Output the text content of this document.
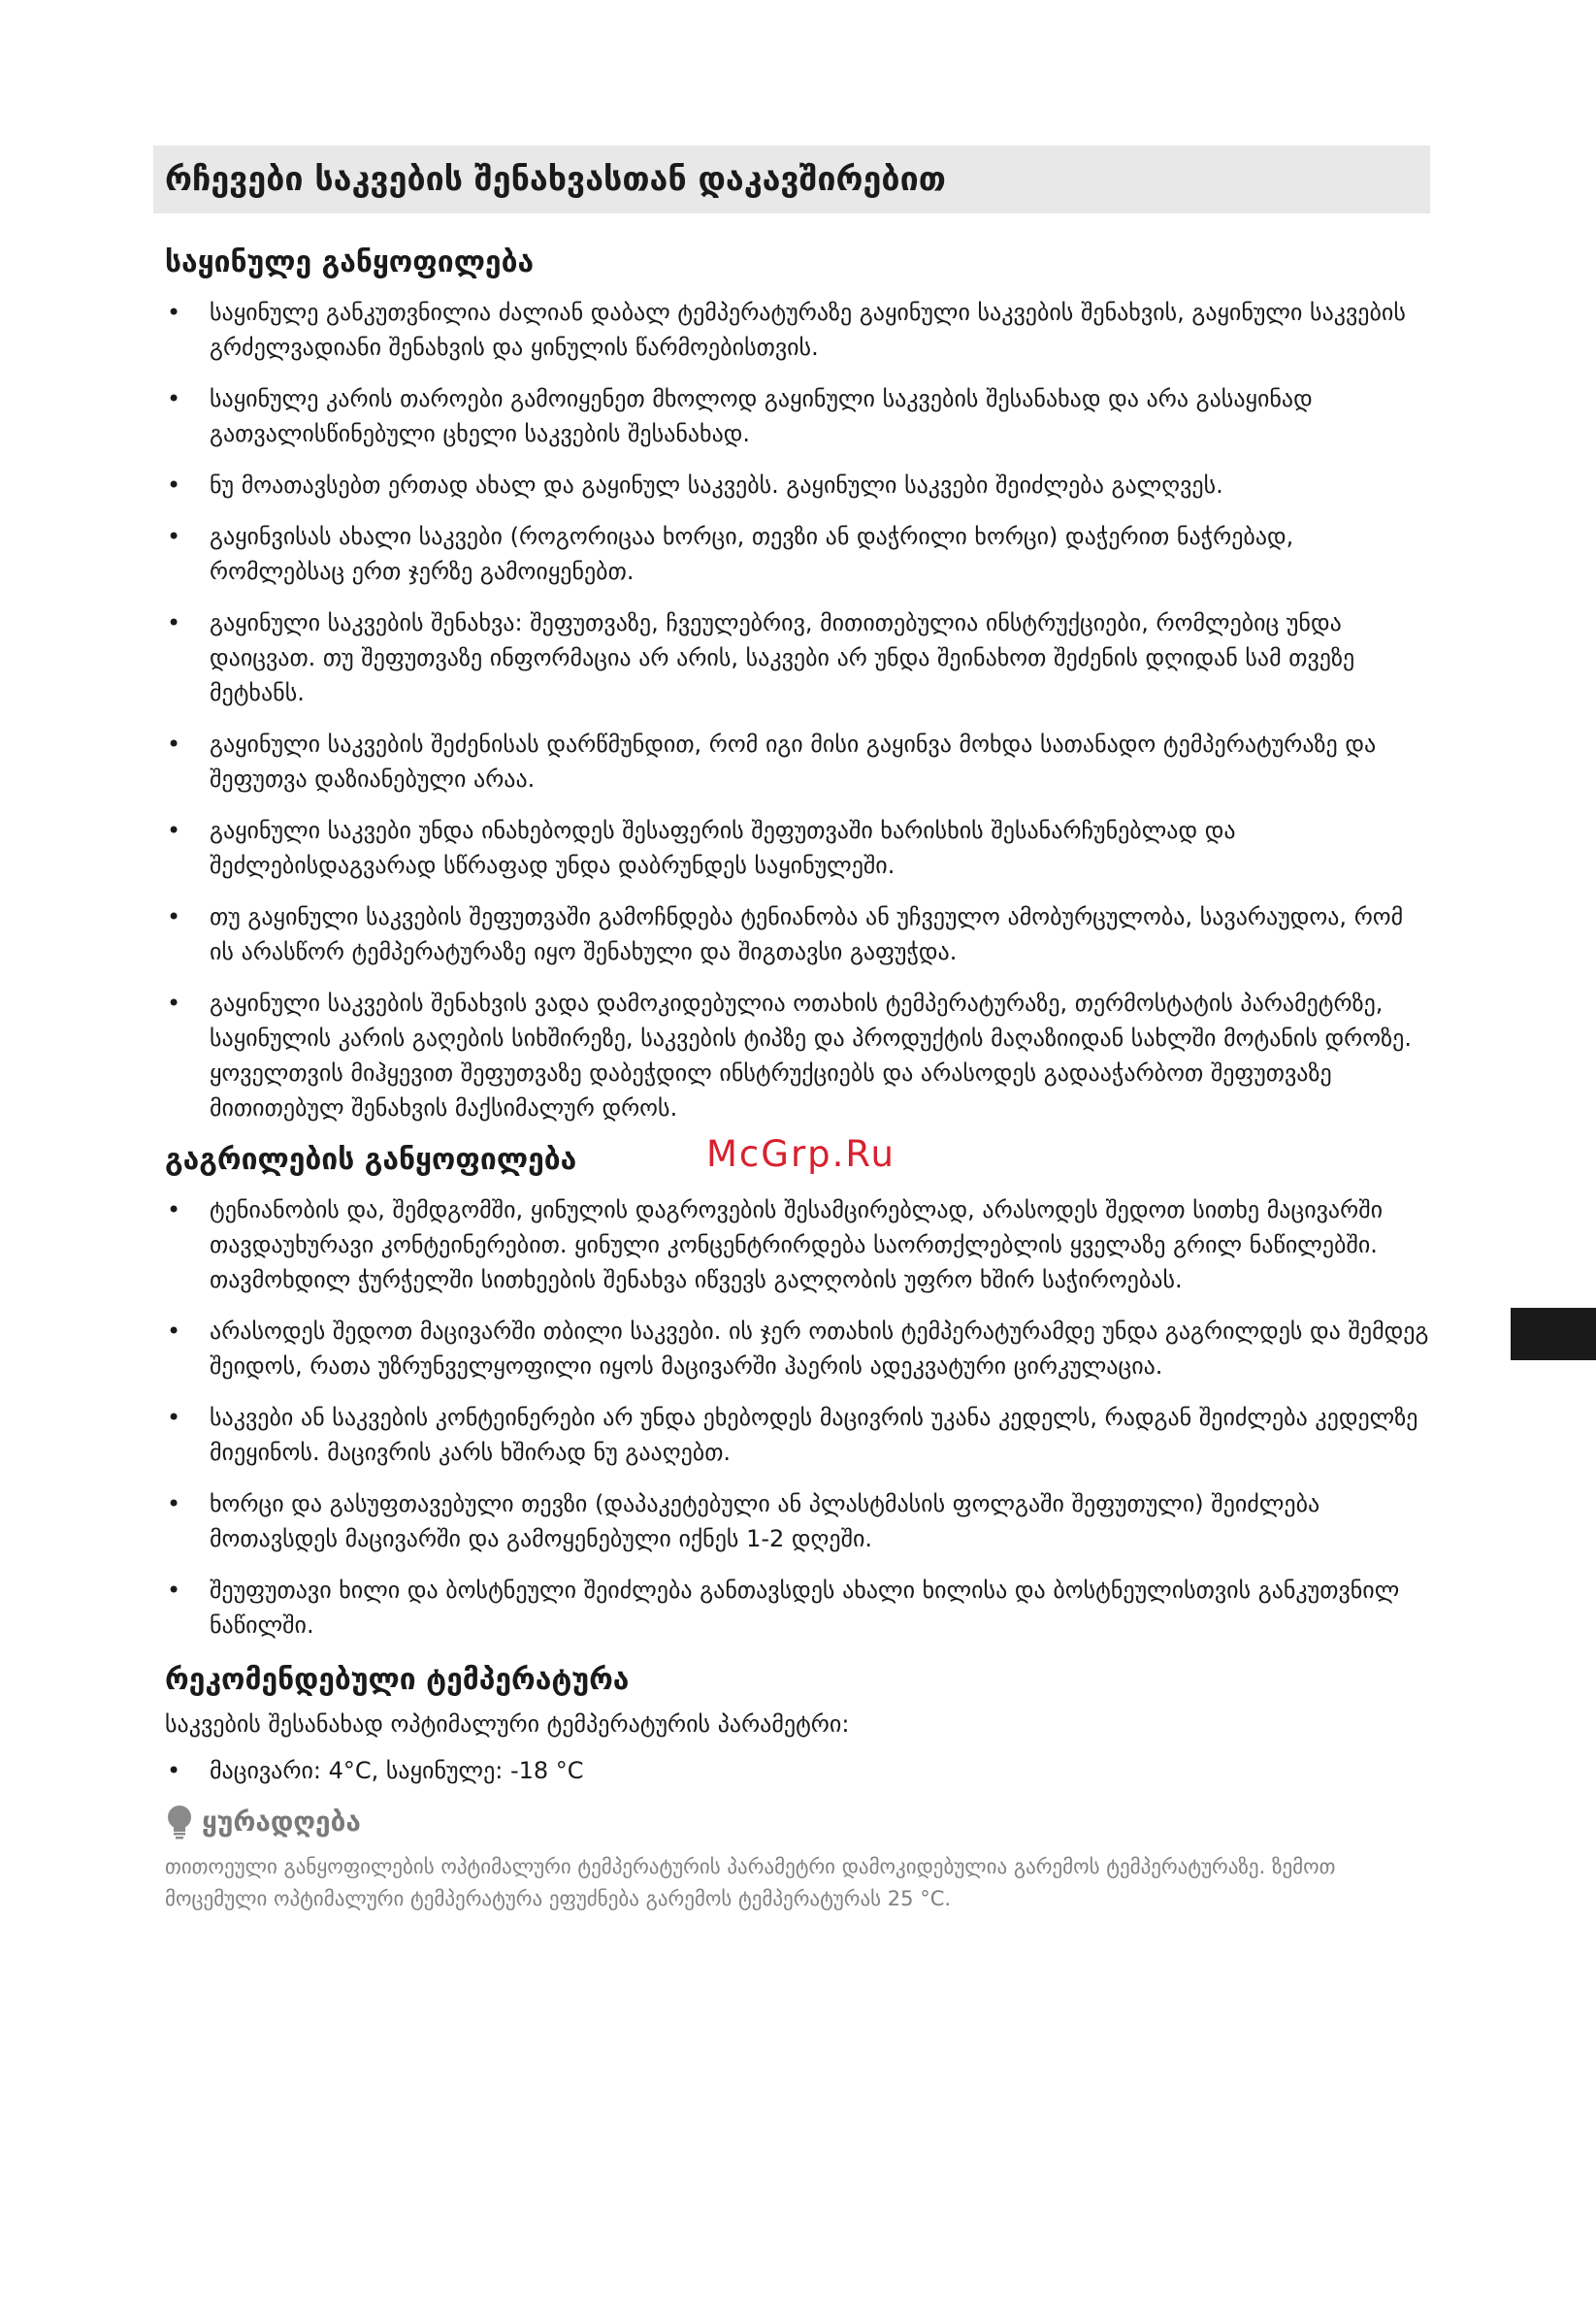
რჩევები საკვების შენახვასთან დაკავშირებით
საყინულე განყოფილება
• საყინულე განკუთვნილია ძალიან დაბალ ტემპერატურაზე გაყინული საკვების შენახვის, გაყინული საკვების გრძელვადიანი შენახვის და ყინულის წარმოებისთვის.
• საყინულე კარის თაროები გამოიყენეთ მხოლოდ გაყინული საკვების შესანახად და არა გასაყინად გათვალისწინებული ცხელი საკვების შესანახად.
• ნუ მოათავსებთ ერთად ახალ და გაყინულ საკვებს. გაყინული საკვები შეიძლება გალღვეს.
• გაყინვისას ახალი საკვები (როგორიცაა ხორცი, თევზი ან დაჭრილი ხორცი) დაჭერით ნაჭრებად, რომლებსაც ერთ ჯერზე გამოიყენებთ.
• გაყინული საკვების შენახვა: შეფუთვაზე, ჩვეულებრივ, მითითებულია ინსტრუქციები, რომლებიც უნდა დაიცვათ. თუ შეფუთვაზე ინფორმაცია არ არის, საკვები არ უნდა შეინახოთ შეძენის დღიდან სამ თვეზე მეტხანს.
• გაყინული საკვების შეძენისას დარწმუნდით, რომ იგი მისი გაყინვა მოხდა სათანადო ტემპერატურაზე და შეფუთვა დაზიანებული არაა.
• გაყინული საკვები უნდა ინახებოდეს შესაფერის შეფუთვაში ხარისხის შესანარჩუნებლად და შეძლებისდაგვარად სწრაფად უნდა დაბრუნდეს საყინულეში.
• თუ გაყინული საკვების შეფუთვაში გამოჩნდება ტენიანობა ან უჩვეულო ამობურცულობა, სავარაუდოა, რომ ის არასწორ ტემპერატურაზე იყო შენახული და შიგთავსი გაფუჭდა.
• გაყინული საკვების შენახვის ვადა დამოკიდებულია ოთახის ტემპერატურაზე, თერმოსტატის პარამეტრზე, საყინულის კარის გაღების სიხშირეზე, საკვების ტიპზე და პროდუქტის მაღაზიიდან სახლში მოტანის დროზე. ყოველთვის მიჰყევით შეფუთვაზე დაბეჭდილ ინსტრუქციებს და არასოდეს გადააჭარბოთ შეფუთვაზე მითითებულ შენახვის მაქსიმალურ დროს.
გაგრილების განყოფილება
• ტენიანობის და, შემდგომში, ყინულის დაგროვების შესამცირებლად, არასოდეს შედოთ სითხე მაცივარში თავდაუხურავი კონტეინერებით. ყინული კონცენტრირდება საორთქლებლის ყველაზე გრილ ნაწილებში. თავმოხდილ ჭურჭელში სითხეების შენახვა იწვევს გალღობის უფრო ხშირ საჭიროებას.
• არასოდეს შედოთ მაცივარში თბილი საკვები. ის ჯერ ოთახის ტემპერატურამდე უნდა გაგრილდეს და შემდეგ შეიდოს, რათა უზრუნველყოფილი იყოს მაცივარში ჰაერის ადეკვატური ცირკულაცია.
• საკვები ან საკვების კონტეინერები არ უნდა ეხებოდეს მაცივრის უკანა კედელს, რადგან შეიძლება კედელზე მიეყინოს. მაცივრის კარს ხშირად ნუ გააღებთ.
• ხორცი და გასუფთავებული თევზი (დაპაკეტებული ან პლასტმასის ფოლგაში შეფუთული) შეიძლება მოთავსდეს მაცივარში და გამოყენებული იქნეს 1-2 დღეში.
• შეუფუთავი ხილი და ბოსტნეული შეიძლება განთავსდეს ახალი ხილისა და ბოსტნეულისთვის განკუთვნილ ნაწილში.
რეკომენდებული ტემპერატურა

საკვების შესანახად ოპტიმალური ტემპერატურის პარამეტრი:

• მაცივარი: 4°C, საყინულე: -18 °C
ყურადღება

თითოეული განყოფილების ოპტიმალური ტემპერატურის პარამეტრი დამოკიდებულია გარემოს ტემპერატურაზე. ზემოთ მოცემული ოპტიმალური ტემპერატურა ეფუძნება გარემოს ტემპერატურას 25 °C.

McGrp.Ru
